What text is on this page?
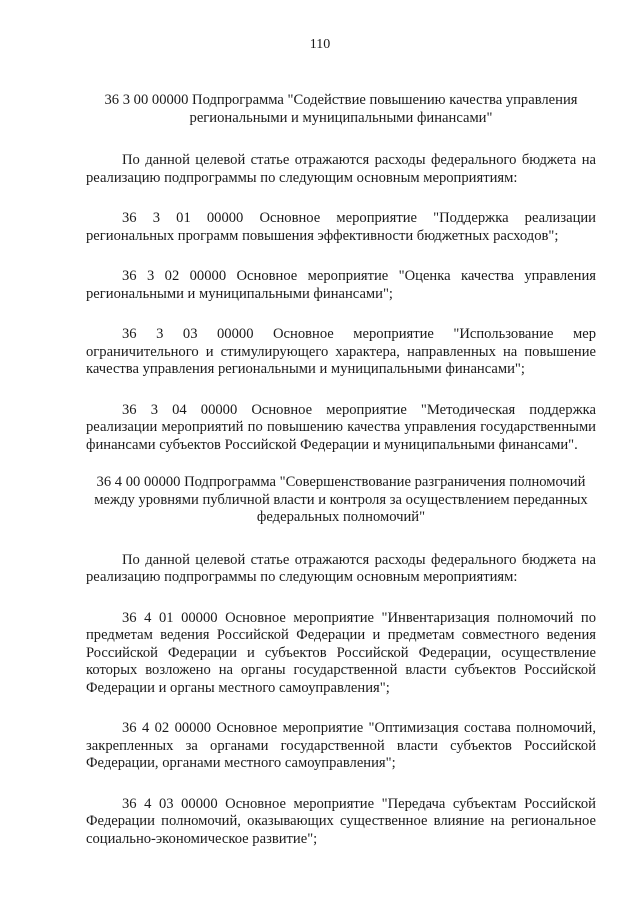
110

36 3 00 00000 Подпрограмма "Содействие повышению качества управления региональными и муниципальными финансами"

По данной целевой статье отражаются расходы федерального бюджета на реализацию подпрограммы по следующим основным мероприятиям:

36 3 01 00000 Основное мероприятие "Поддержка реализации региональных программ повышения эффективности бюджетных расходов";

36 3 02 00000 Основное мероприятие "Оценка качества управления региональными и муниципальными финансами";

36 3 03 00000 Основное мероприятие "Использование мер ограничительного и стимулирующего характера, направленных на повышение качества управления региональными и муниципальными финансами";

36 3 04 00000 Основное мероприятие "Методическая поддержка реализации мероприятий по повышению качества управления государственными финансами субъектов Российской Федерации и муниципальными финансами".

36 4 00 00000 Подпрограмма "Совершенствование разграничения полномочий между уровнями публичной власти и контроля за осуществлением переданных федеральных полномочий"

По данной целевой статье отражаются расходы федерального бюджета на реализацию подпрограммы по следующим основным мероприятиям:

36 4 01 00000 Основное мероприятие "Инвентаризация полномочий по предметам ведения Российской Федерации и предметам совместного ведения Российской Федерации и субъектов Российской Федерации, осуществление которых возложено на органы государственной власти субъектов Российской Федерации и органы местного самоуправления";

36 4 02 00000 Основное мероприятие "Оптимизация состава полномочий, закрепленных за органами государственной власти субъектов Российской Федерации, органами местного самоуправления";

36 4 03 00000 Основное мероприятие "Передача субъектам Российской Федерации полномочий, оказывающих существенное влияние на региональное социально-экономическое развитие";
